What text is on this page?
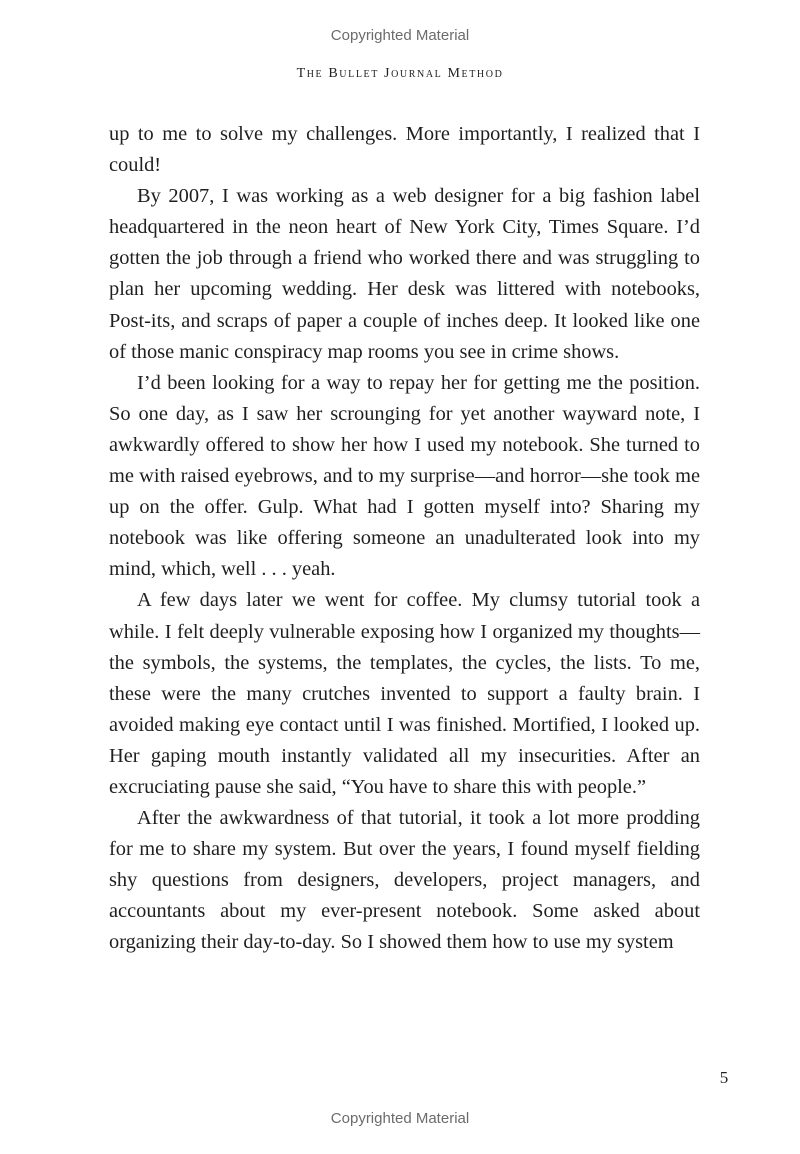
Copyrighted Material
The Bullet Journal Method

up to me to solve my challenges. More importantly, I realized that I could!

By 2007, I was working as a web designer for a big fashion label headquartered in the neon heart of New York City, Times Square. I’d gotten the job through a friend who worked there and was struggling to plan her upcoming wedding. Her desk was littered with notebooks, Post-its, and scraps of paper a couple of inches deep. It looked like one of those manic conspiracy map rooms you see in crime shows.

I’d been looking for a way to repay her for getting me the position. So one day, as I saw her scrounging for yet another wayward note, I awkwardly offered to show her how I used my notebook. She turned to me with raised eyebrows, and to my surprise—and horror—she took me up on the offer. Gulp. What had I gotten myself into? Sharing my notebook was like offering someone an unadulterated look into my mind, which, well . . . yeah.

A few days later we went for coffee. My clumsy tutorial took a while. I felt deeply vulnerable exposing how I organized my thoughts—the symbols, the systems, the templates, the cycles, the lists. To me, these were the many crutches invented to support a faulty brain. I avoided making eye contact until I was finished. Mortified, I looked up. Her gaping mouth instantly validated all my insecurities. After an excruciating pause she said, “You have to share this with people.”

After the awkwardness of that tutorial, it took a lot more prodding for me to share my system. But over the years, I found myself fielding shy questions from designers, developers, project managers, and accountants about my ever-present notebook. Some asked about organizing their day-to-day. So I showed them how to use my system

5
Copyrighted Material
